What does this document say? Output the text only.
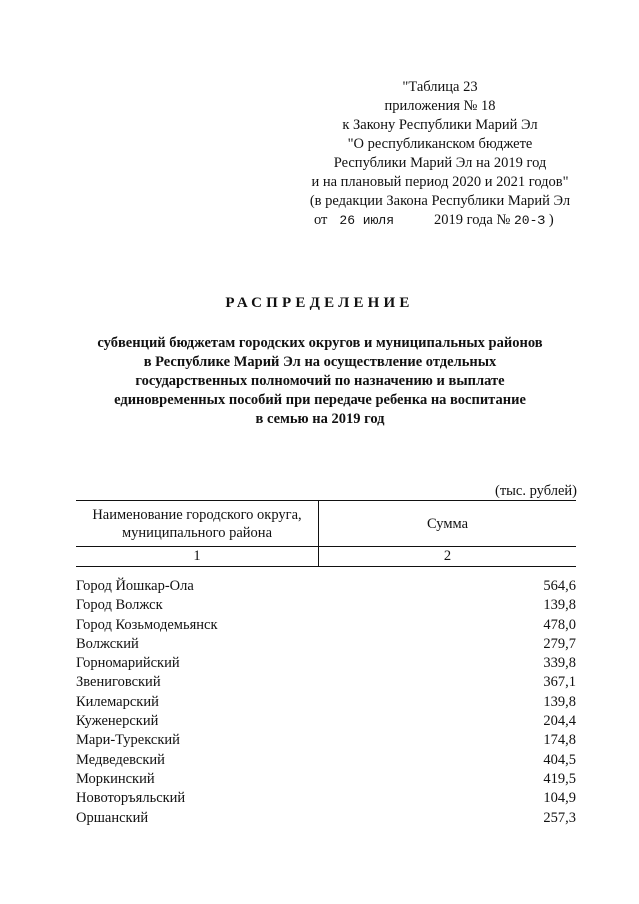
"Таблица 23
приложения № 18
к Закону Республики Марий Эл
"О республиканском бюджете
Республики Марий Эл на 2019 год
и на плановый период 2020 и 2021 годов"
(в редакции Закона Республики Марий Эл
от 26 июля	2019 года № 20-З )
РАСПРЕДЕЛЕНИЕ
субвенций бюджетам городских округов и муниципальных районов
в Республике Марий Эл на осуществление отдельных
государственных полномочий по назначению и выплате
единовременных пособий при передаче ребенка на воспитание
в семью на 2019 год
(тыс. рублей)
Наименование городского округа,
муниципального района	Сумма
1	2

Город Йошкар-Ола	564,6
Город Волжск	139,8
Город Козьмодемьянск	478,0
Волжский	279,7
Горномарийский	339,8
Звениговский	367,1
Килемарский	139,8
Куженерский	204,4
Мари-Турекский	174,8
Медведевский	404,5
Моркинский	419,5
Новоторъяльский	104,9
Оршанский	257,3
